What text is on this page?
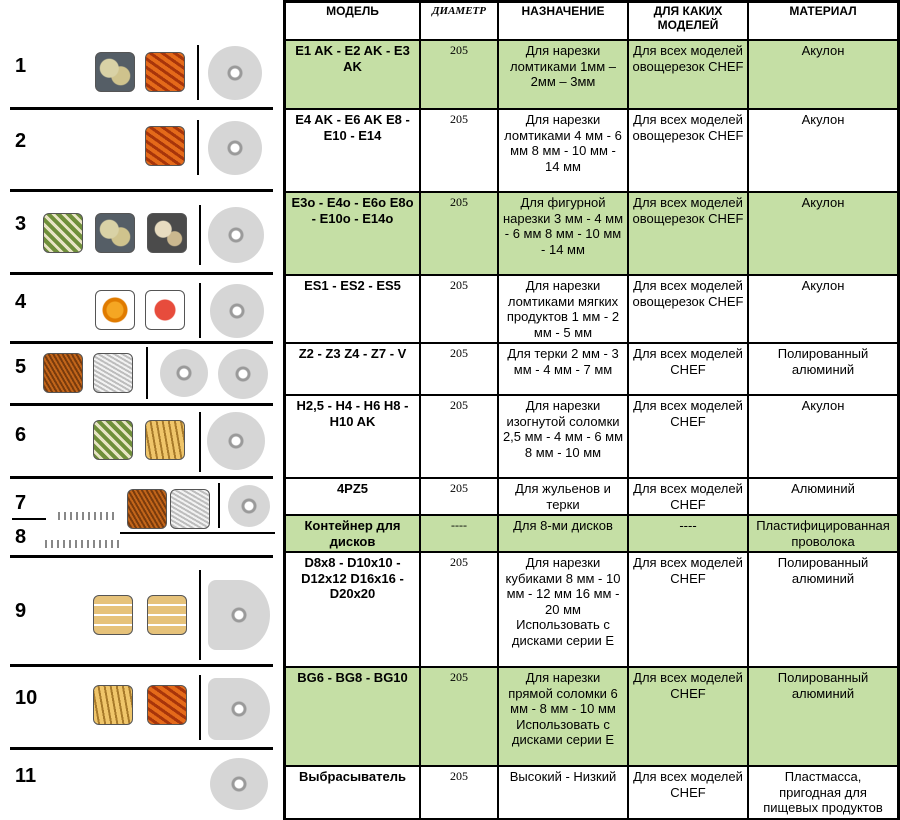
1
2
3
4
5
6
7
8
9
10
11
МОДЕЛЬ	ДИАМЕТР	НАЗНАЧЕНИЕ	ДЛЯ КАКИХ МОДЕЛЕЙ	МАТЕРИАЛ
E1 AK - E2 AK - E3 AK	205	Для нарезки ломтиками 1мм – 2мм – 3мм	Для всех моделей овощерезок CHEF	Акулон
E4 AK - E6 AK E8 - E10 - E14	205	Для нарезки ломтиками 4 мм - 6 мм 8 мм - 10 мм - 14 мм	Для всех моделей овощерезок CHEF	Акулон
E3o - E4o - E6o E8o - E10o - E14o	205	Для фигурной нарезки 3 мм - 4 мм - 6 мм 8 мм - 10 мм - 14 мм	Для всех моделей овощерезок CHEF	Акулон
ES1 - ES2 - ES5	205	Для нарезки ломтиками мягких продуктов 1 мм - 2 мм - 5 мм	Для всех моделей овощерезок CHEF	Акулон
Z2 - Z3 Z4 - Z7 - V	205	Для терки 2 мм - 3 мм - 4 мм - 7 мм	Для всех моделей CHEF	Полированный алюминий
H2,5 - H4 - H6 H8 - H10 AK	205	Для нарезки изогнутой соломки 2,5 мм - 4 мм - 6 мм 8 мм - 10 мм	Для всех моделей CHEF	Акулон
4PZ5	205	Для жульенов и терки	Для всех моделей CHEF	Алюминий
Контейнер для дисков	----	Для 8-ми дисков	----	Пластифицированная проволока
D8x8 - D10x10 - D12x12 D16x16 - D20x20	205	Для нарезки кубиками 8 мм - 10 мм - 12 мм 16 мм - 20 мм Использовать с дисками серии E	Для всех моделей CHEF	Полированный алюминий
BG6 - BG8 - BG10	205	Для нарезки прямой соломки 6 мм - 8 мм - 10 мм Использовать с дисками серии E	Для всех моделей CHEF	Полированный алюминий
Выбрасыватель	205	Высокий - Низкий	Для всех моделей CHEF	Пластмасса, пригодная для пищевых продуктов
